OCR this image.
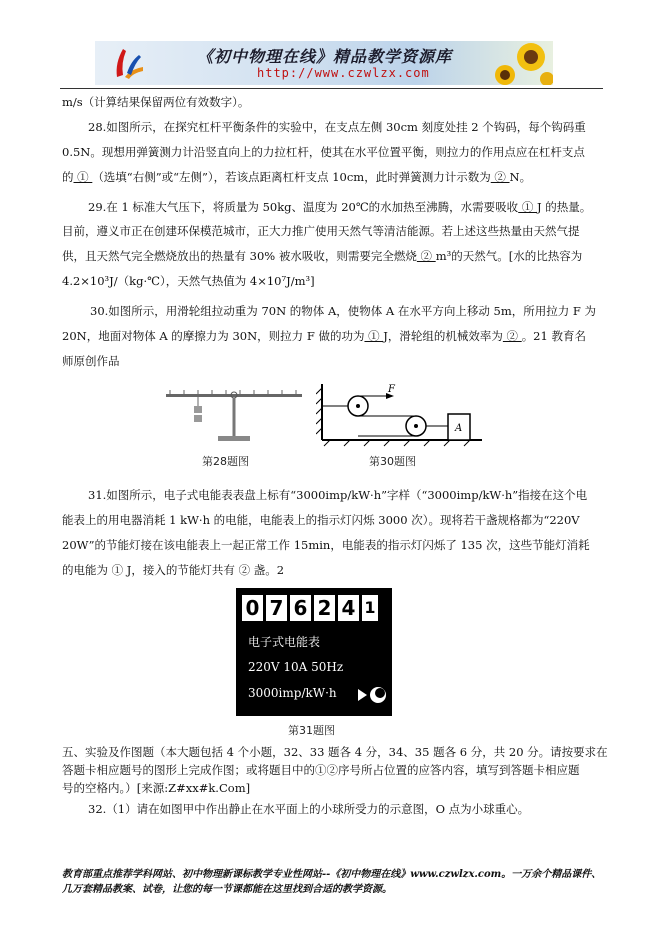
《初中物理在线》精品教学资源库
http://www.czwlzx.com
m/s（计算结果保留两位有效数字）。
28.如图所示，在探究杠杆平衡条件的实验中，在支点左侧 30cm 刻度处挂 2 个钩码，每个钩码重
0.5N。现想用弹簧测力计沿竖直向上的力拉杠杆，使其在水平位置平衡，则拉力的作用点应在杠杆支点
的 ① （选填“右侧”或“左侧”），若该点距离杠杆支点 10cm，此时弹簧测力计示数为 ② N。
29.在 1 标准大气压下，将质量为 50kg、温度为 20℃的水加热至沸腾，水需要吸收 ① J 的热量。
目前，遵义市正在创建环保模范城市，正大力推广使用天然气等清洁能源。若上述这些热量由天然气提
供，且天然气完全燃烧放出的热量有 30% 被水吸收，则需要完全燃烧 ② m³的天然气。[水的比热容为
4.2×10³J/（kg·℃），天然气热值为 4×10⁷J/m³]
30.如图所示，用滑轮组拉动重为 70N 的物体 A，使物体 A 在水平方向上移动 5m，所用拉力 F 为
20N，地面对物体 A 的摩擦力为 30N，则拉力 F 做的功为 ① J，滑轮组的机械效率为 ② 。21 教育名
师原创作品
第28题图
F
A
第30题图
31.如图所示，电子式电能表表盘上标有“3000imp/kW·h”字样（“3000imp/kW·h”指接在这个电
能表上的用电器消耗 1 kW·h 的电能，电能表上的指示灯闪烁 3000 次）。现将若干盏规格都为“220V
20W”的节能灯接在该电能表上一起正常工作 15min，电能表的指示灯闪烁了 135 次，这些节能灯消耗
的电能为 ① J，接入的节能灯共有 ② 盏。2
0 7 6 2 4 1
电子式电能表
220V 10A 50Hz
3000imp/kW·h
第31题图
五、实验及作图题（本大题包括 4 个小题，32、33 题各 4 分，34、35 题各 6 分，共 20 分。请按要求在
答题卡相应题号的图形上完成作图；或将题目中的①②序号所占位置的应答内容，填写到答题卡相应题
号的空格内。）[来源:Z#xx#k.Com]
32.（1）请在如图甲中作出静止在水平面上的小球所受力的示意图，O 点为小球重心。
教育部重点推荐学科网站、初中物理新课标教学专业性网站--《初中物理在线》www.czwlzx.com。一万余个精品课件、
几万套精品教案、试卷，让您的每一节课都能在这里找到合适的教学资源。
